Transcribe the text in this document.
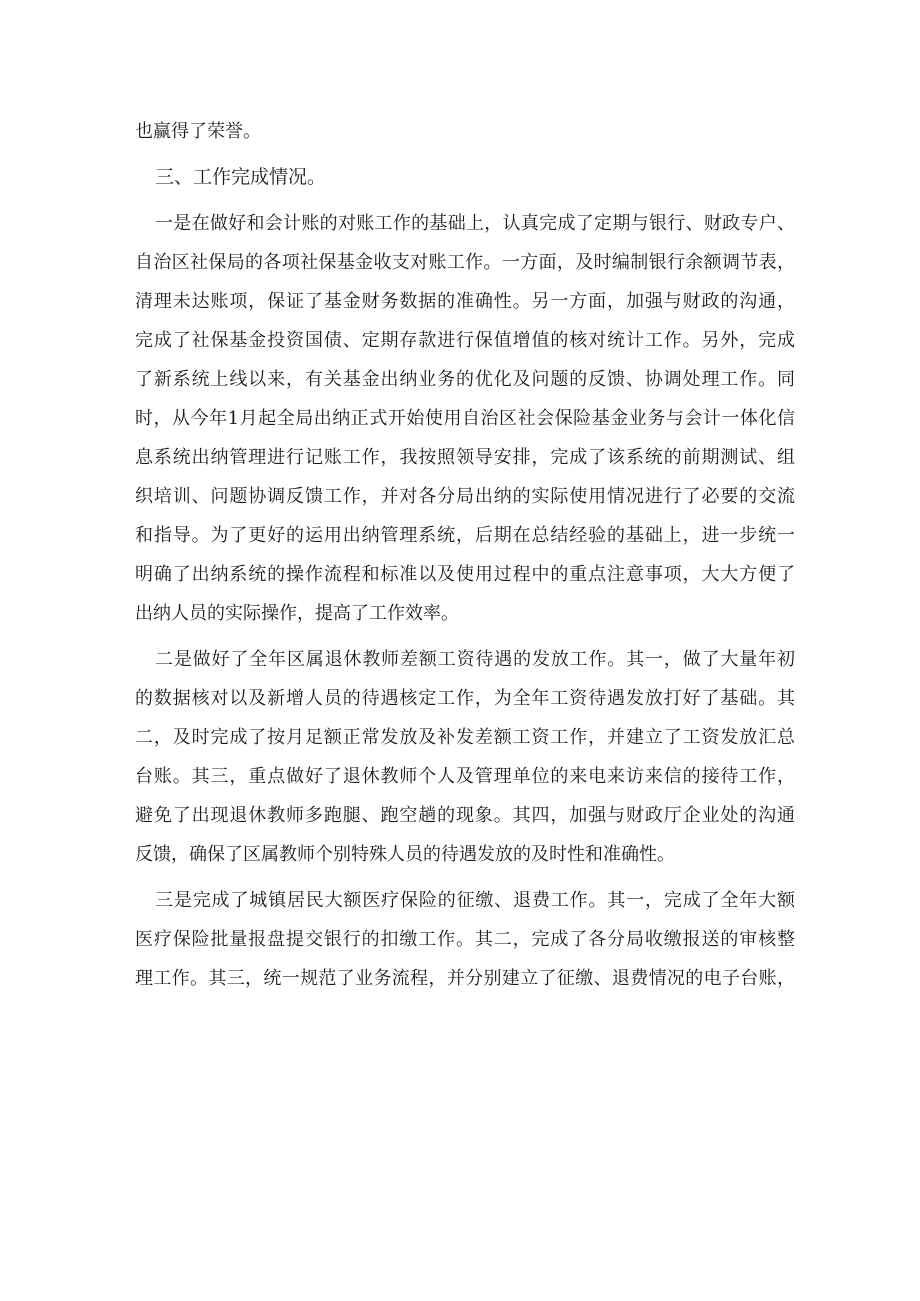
也赢得了荣誉。
三、工作完成情况。
一是在做好和会计账的对账工作的基础上，认真完成了定期与银行、财政专户、
自治区社保局的各项社保基金收支对账工作。一方面，及时编制银行余额调节表，
清理未达账项，保证了基金财务数据的准确性。另一方面，加强与财政的沟通，
完成了社保基金投资国债、定期存款进行保值增值的核对统计工作。另外，完成
了新系统上线以来，有关基金出纳业务的优化及问题的反馈、协调处理工作。同
时，从今年1月起全局出纳正式开始使用自治区社会保险基金业务与会计一体化信
息系统出纳管理进行记账工作，我按照领导安排，完成了该系统的前期测试、组
织培训、问题协调反馈工作，并对各分局出纳的实际使用情况进行了必要的交流
和指导。为了更好的运用出纳管理系统，后期在总结经验的基础上，进一步统一
明确了出纳系统的操作流程和标准以及使用过程中的重点注意事项，大大方便了
出纳人员的实际操作，提高了工作效率。
二是做好了全年区属退休教师差额工资待遇的发放工作。其一，做了大量年初
的数据核对以及新增人员的待遇核定工作，为全年工资待遇发放打好了基础。其
二，及时完成了按月足额正常发放及补发差额工资工作，并建立了工资发放汇总
台账。其三，重点做好了退休教师个人及管理单位的来电来访来信的接待工作，
避免了出现退休教师多跑腿、跑空趟的现象。其四，加强与财政厅企业处的沟通
反馈，确保了区属教师个别特殊人员的待遇发放的及时性和准确性。
三是完成了城镇居民大额医疗保险的征缴、退费工作。其一，完成了全年大额
医疗保险批量报盘提交银行的扣缴工作。其二，完成了各分局收缴报送的审核整
理工作。其三，统一规范了业务流程，并分别建立了征缴、退费情况的电子台账，
